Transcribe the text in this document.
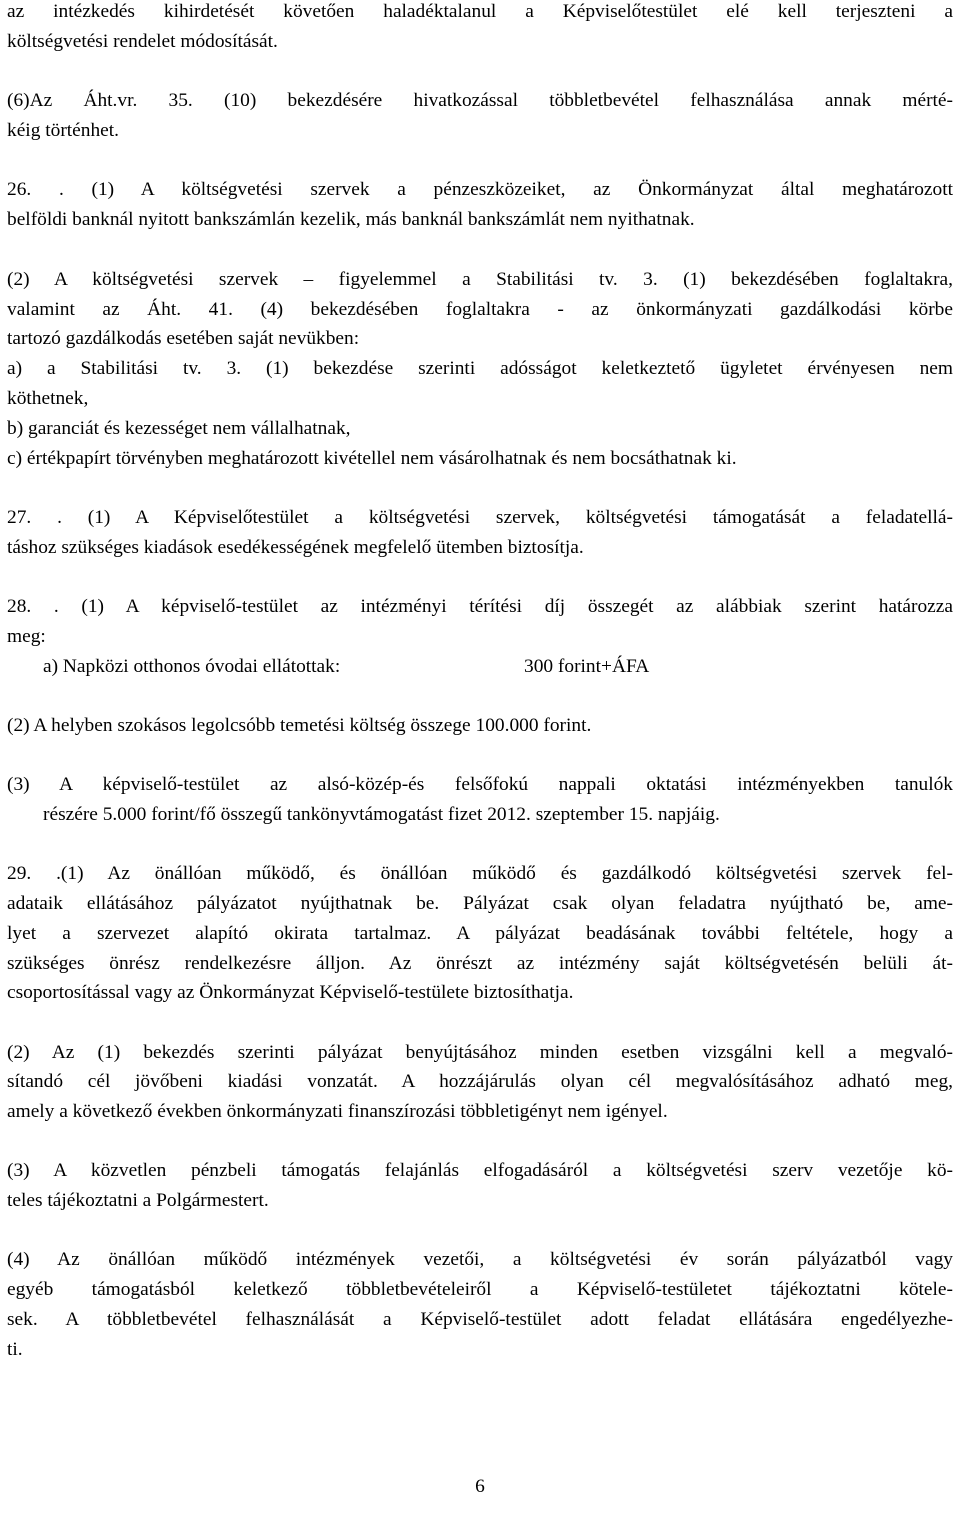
az intézkedés kihirdetését követően haladéktalanul a Képviselőtestület elé kell terjeszteni a
költségvetési rendelet módosítását.
(6)Az Áht.vr. 35. (10) bekezdésére hivatkozással többletbevétel felhasználása annak mérté-
kéig történhet.
26. . (1) A költségvetési szervek a pénzeszközeiket, az Önkormányzat által meghatározott
belföldi banknál nyitott bankszámlán kezelik, más banknál bankszámlát nem nyithatnak.
(2) A költségvetési szervek – figyelemmel a Stabilitási tv. 3. (1) bekezdésében foglaltakra,
valamint az Áht. 41. (4) bekezdésében foglaltakra - az önkormányzati gazdálkodási körbe
tartozó gazdálkodás esetében saját nevükben:
a) a Stabilitási tv. 3. (1) bekezdése szerinti adósságot keletkeztető ügyletet érvényesen nem
köthetnek,
b) garanciát és kezességet nem vállalhatnak,
c) értékpapírt törvényben meghatározott kivétellel nem vásárolhatnak és nem bocsáthatnak ki.
27. . (1) A Képviselőtestület a költségvetési szervek, költségvetési támogatását a feladatellá-
táshoz szükséges kiadások esedékességének megfelelő ütemben biztosítja.
28. . (1) A képviselő-testület az intézményi térítési díj összegét az alábbiak szerint határozza
meg:
a) Napközi otthonos óvodai ellátottak:	300 forint+ÁFA
(2) A helyben szokásos legolcsóbb temetési költség összege 100.000 forint.
(3) A képviselő-testület az alsó-közép-és felsőfokú nappali oktatási intézményekben tanulók
részére 5.000 forint/fő összegű tankönyvtámogatást fizet 2012. szeptember 15. napjáig.
29. .(1) Az önállóan működő, és önállóan működő és gazdálkodó költségvetési szervek fel-
adataik ellátásához pályázatot nyújthatnak be. Pályázat csak olyan feladatra nyújtható be, ame-
lyet a szervezet alapító okirata tartalmaz. A pályázat beadásának további feltétele, hogy a
szükséges önrész rendelkezésre álljon. Az önrészt az intézmény saját költségvetésén belüli át-
csoportosítással vagy az Önkormányzat Képviselő-testülete biztosíthatja.
(2) Az (1) bekezdés szerinti pályázat benyújtásához minden esetben vizsgálni kell a megvaló-
sítandó cél jövőbeni kiadási vonzatát. A hozzájárulás olyan cél megvalósításához adható meg,
amely a következő években önkormányzati finanszírozási többletigényt nem igényel.
(3) A közvetlen pénzbeli támogatás felajánlás elfogadásáról a költségvetési szerv vezetője kö-
teles tájékoztatni a Polgármestert.
(4) Az önállóan működő intézmények vezetői, a költségvetési év során pályázatból vagy
egyéb támogatásból keletkező többletbevételeiről a Képviselő-testületet tájékoztatni kötele-
sek. A többletbevétel felhasználását a Képviselő-testület adott feladat ellátására engedélyezhe-
ti.
6
